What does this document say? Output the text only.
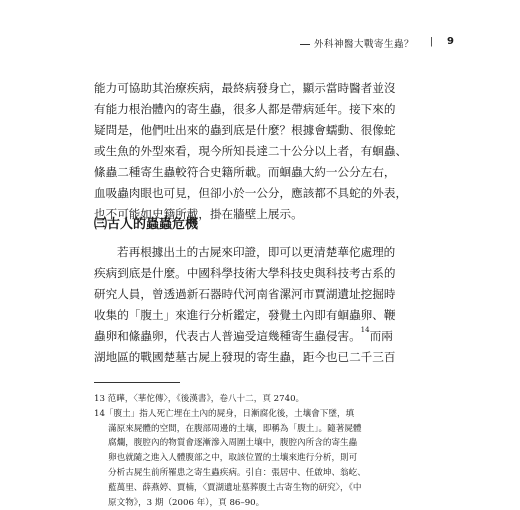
外科神醫大戰寄生蟲？ | 9

能力可協助其治療疾病，最終病發身亡，顯示當時醫者並沒

有能力根治體內的寄生蟲，很多人都是帶病延年。接下來的

疑問是，他們吐出來的蟲到底是什麼？根據會蠕動、很像蛇

或生魚的外型來看，現今所知長達二十公分以上者，有蛔蟲、

絛蟲二種寄生蟲較符合史籍所載。而蛔蟲大約一公分左右，

血吸蟲肉眼也可見，但卻小於一公分，應該都不具蛇的外表，

也不可能如史籍所載，掛在牆壁上展示。

㈢古人的蟲蟲危機

若再根據出土的古屍來印證，即可以更清楚華佗處理的

疾病到底是什麼。中國科學技術大學科技史與科技考古系的

研究人員，曾透過新石器時代河南省漯河市賈湖遺址挖掘時

收集的「腹土」來進行分析鑑定，發覺土內即有蛔蟲卵、鞭

蟲卵和絛蟲卵，代表古人普遍受這幾種寄生蟲侵害。$^{14}$而兩

湖地區的戰國楚墓古屍上發現的寄生蟲，距今也已二千三百

13 范曄，〈華佗傳〉，《後漢書》，卷八十二，頁 2740。

14「腹土」指人死亡埋在土內的屍身，日漸腐化後，土壤會下墜，填

滿原來屍體的空間，在腹部周邊的土壤，即稱為「腹土」。隨著屍體

腐爛，腹腔內的物質會逐漸滲入周圍土壤中，腹腔內所含的寄生蟲

卵也就隨之進入人體腹部之中，取該位置的土壤來進行分析，則可

分析古屍生前所罹患之寄生蟲疾病。引自：張居中、任啟坤、翁屹、

藍萬里、薛燕婷、賈楠，〈賈湖遺址墓葬腹土古寄生物的研究〉，《中

原文物》，3 期（2006 年），頁 86–90。
